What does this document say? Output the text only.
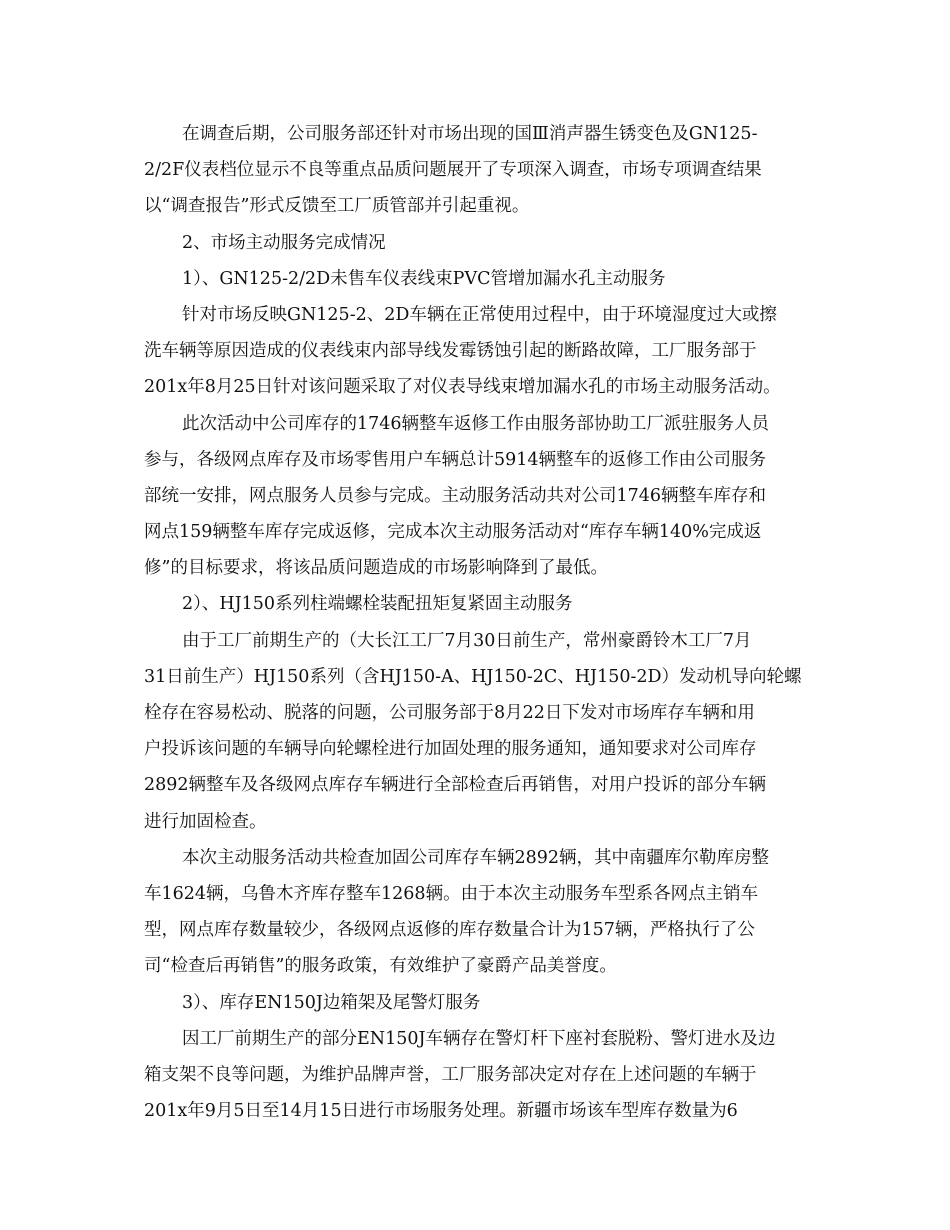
在调查后期，公司服务部还针对市场出现的国Ⅲ消声器生锈变色及GN125-
2/2F仪表档位显示不良等重点品质问题展开了专项深入调查，市场专项调查结果
以“调查报告”形式反馈至工厂质管部并引起重视。
2、市场主动服务完成情况
1）、GN125-2/2D未售车仪表线束PVC管增加漏水孔主动服务
针对市场反映GN125-2、2D车辆在正常使用过程中，由于环境湿度过大或擦
洗车辆等原因造成的仪表线束内部导线发霉锈蚀引起的断路故障，工厂服务部于
201x年8月25日针对该问题采取了对仪表导线束增加漏水孔的市场主动服务活动。
此次活动中公司库存的1746辆整车返修工作由服务部协助工厂派驻服务人员
参与，各级网点库存及市场零售用户车辆总计5914辆整车的返修工作由公司服务
部统一安排，网点服务人员参与完成。主动服务活动共对公司1746辆整车库存和
网点159辆整车库存完成返修，完成本次主动服务活动对“库存车辆140%完成返
修”的目标要求，将该品质问题造成的市场影响降到了最低。
2）、HJ150系列柱端螺栓装配扭矩复紧固主动服务
由于工厂前期生产的（大长江工厂7月30日前生产，常州豪爵铃木工厂7月
31日前生产）HJ150系列（含HJ150-A、HJ150-2C、HJ150-2D）发动机导向轮螺
栓存在容易松动、脱落的问题，公司服务部于8月22日下发对市场库存车辆和用
户投诉该问题的车辆导向轮螺栓进行加固处理的服务通知，通知要求对公司库存
2892辆整车及各级网点库存车辆进行全部检查后再销售，对用户投诉的部分车辆
进行加固检查。
本次主动服务活动共检查加固公司库存车辆2892辆，其中南疆库尔勒库房整
车1624辆，乌鲁木齐库存整车1268辆。由于本次主动服务车型系各网点主销车
型，网点库存数量较少，各级网点返修的库存数量合计为157辆，严格执行了公
司“检查后再销售”的服务政策，有效维护了豪爵产品美誉度。
3）、库存EN150J边箱架及尾警灯服务
因工厂前期生产的部分EN150J车辆存在警灯杆下座衬套脱粉、警灯进水及边
箱支架不良等问题，为维护品牌声誉，工厂服务部决定对存在上述问题的车辆于
201x年9月5日至14月15日进行市场服务处理。新疆市场该车型库存数量为6
